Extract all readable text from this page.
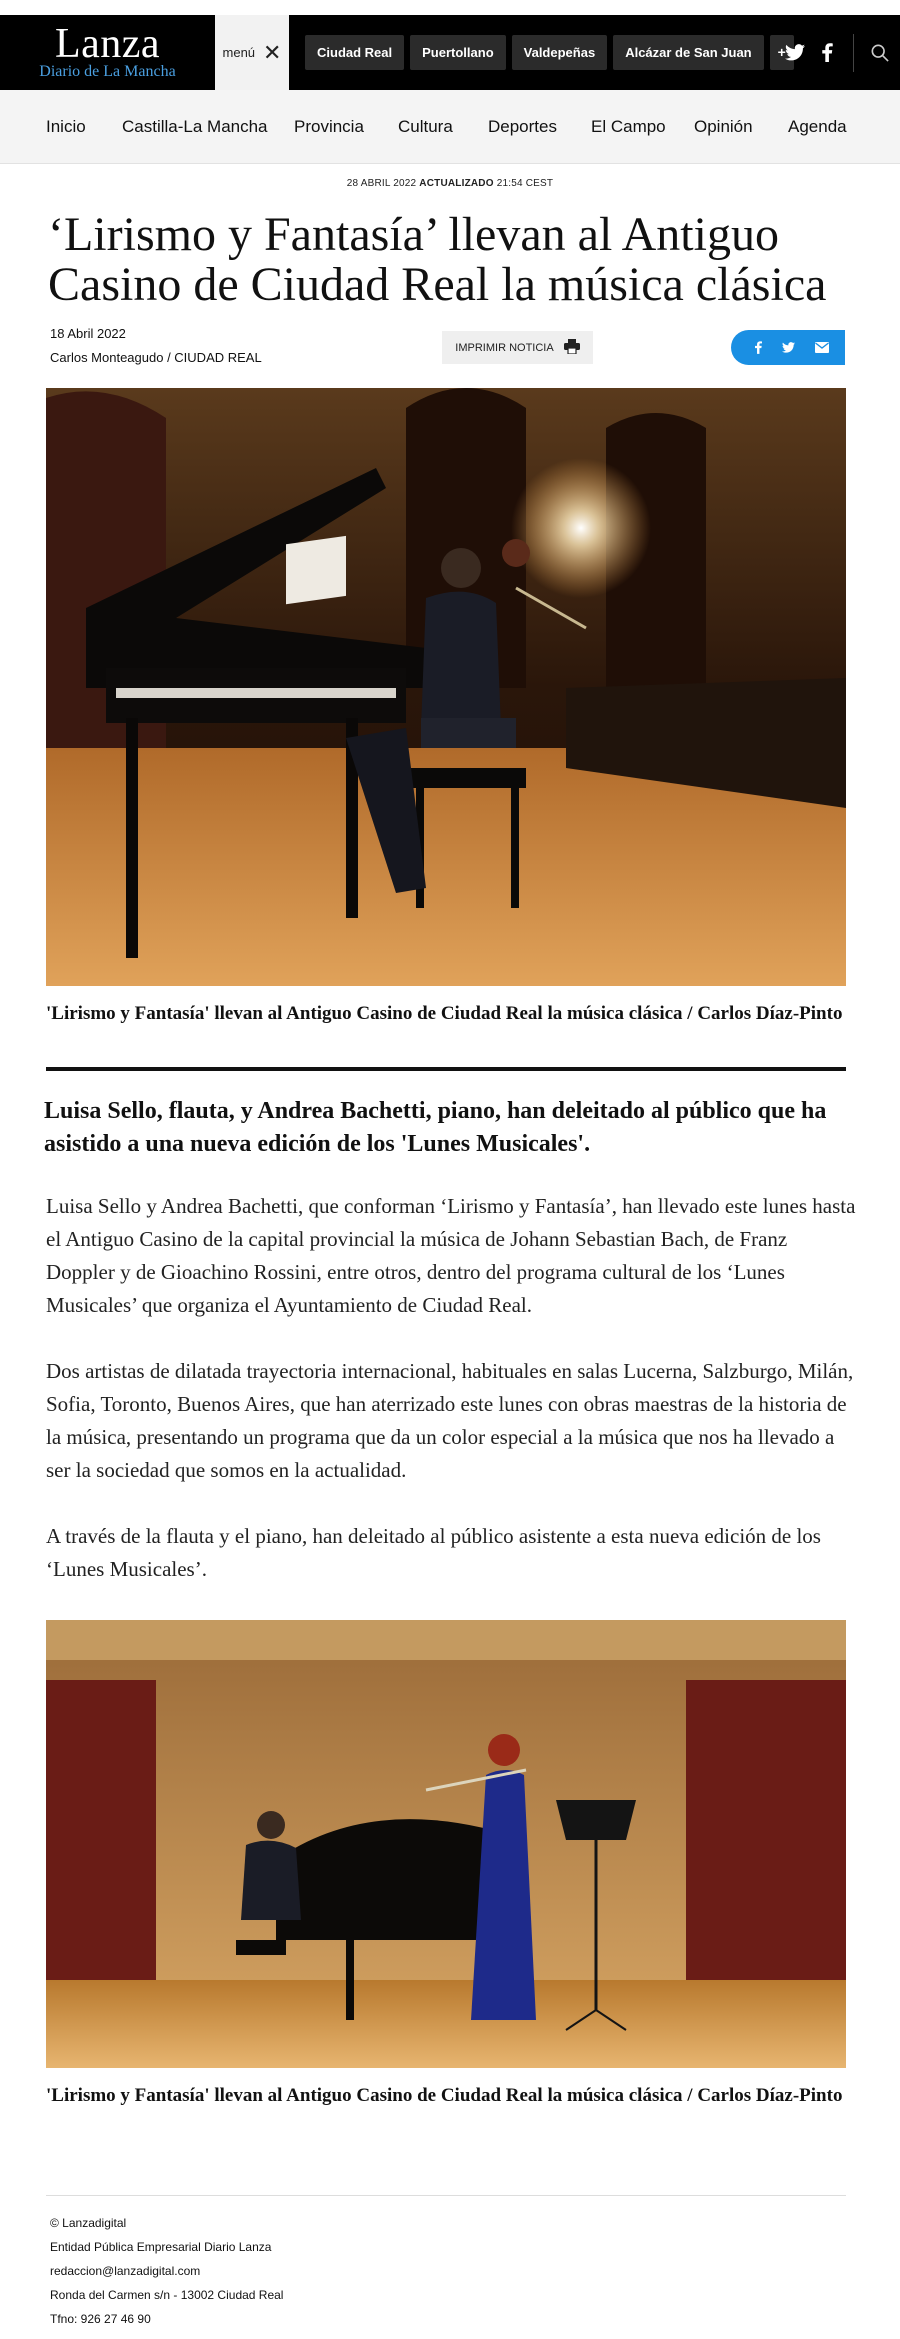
Lanza
Diario de La Mancha
menú ✕	Ciudad Real	Puertollano	Valdepeñas	Alcázar de San Juan	+
Inicio Castilla-La Mancha Provincia Cultura Deportes El Campo Opinión Agenda
28 ABRIL 2022 ACTUALIZADO 21:54 CEST
‘Lirismo y Fantasía’ llevan al Antiguo Casino de Ciudad Real la música clásica
18 Abril 2022
Carlos Monteagudo / CIUDAD REAL
IMPRIMIR NOTICIA
'Lirismo y Fantasía' llevan al Antiguo Casino de Ciudad Real la música clásica / Carlos Díaz-Pinto
Luisa Sello, flauta, y Andrea Bachetti, piano, han deleitado al público que ha asistido a una nueva edición de los 'Lunes Musicales'.

Luisa Sello y Andrea Bachetti, que conforman ‘Lirismo y Fantasía’, han llevado este lunes hasta el Antiguo Casino de la capital provincial la música de Johann Sebastian Bach, de Franz Doppler y de Gioachino Rossini, entre otros, dentro del programa cultural de los ‘Lunes Musicales’ que organiza el Ayuntamiento de Ciudad Real.

Dos artistas de dilatada trayectoria internacional, habituales en salas Lucerna, Salzburgo, Milán, Sofia, Toronto, Buenos Aires, que han aterrizado este lunes con obras maestras de la historia de la música, presentando un programa que da un color especial a la música que nos ha llevado a ser la sociedad que somos en la actualidad.

A través de la flauta y el piano, han deleitado al público asistente a esta nueva edición de los ‘Lunes Musicales’.

'Lirismo y Fantasía' llevan al Antiguo Casino de Ciudad Real la música clásica / Carlos Díaz-Pinto
© Lanzadigital
Entidad Pública Empresarial Diario Lanza
redaccion@lanzadigital.com
Ronda del Carmen s/n - 13002 Ciudad Real
Tfno: 926 27 46 90
